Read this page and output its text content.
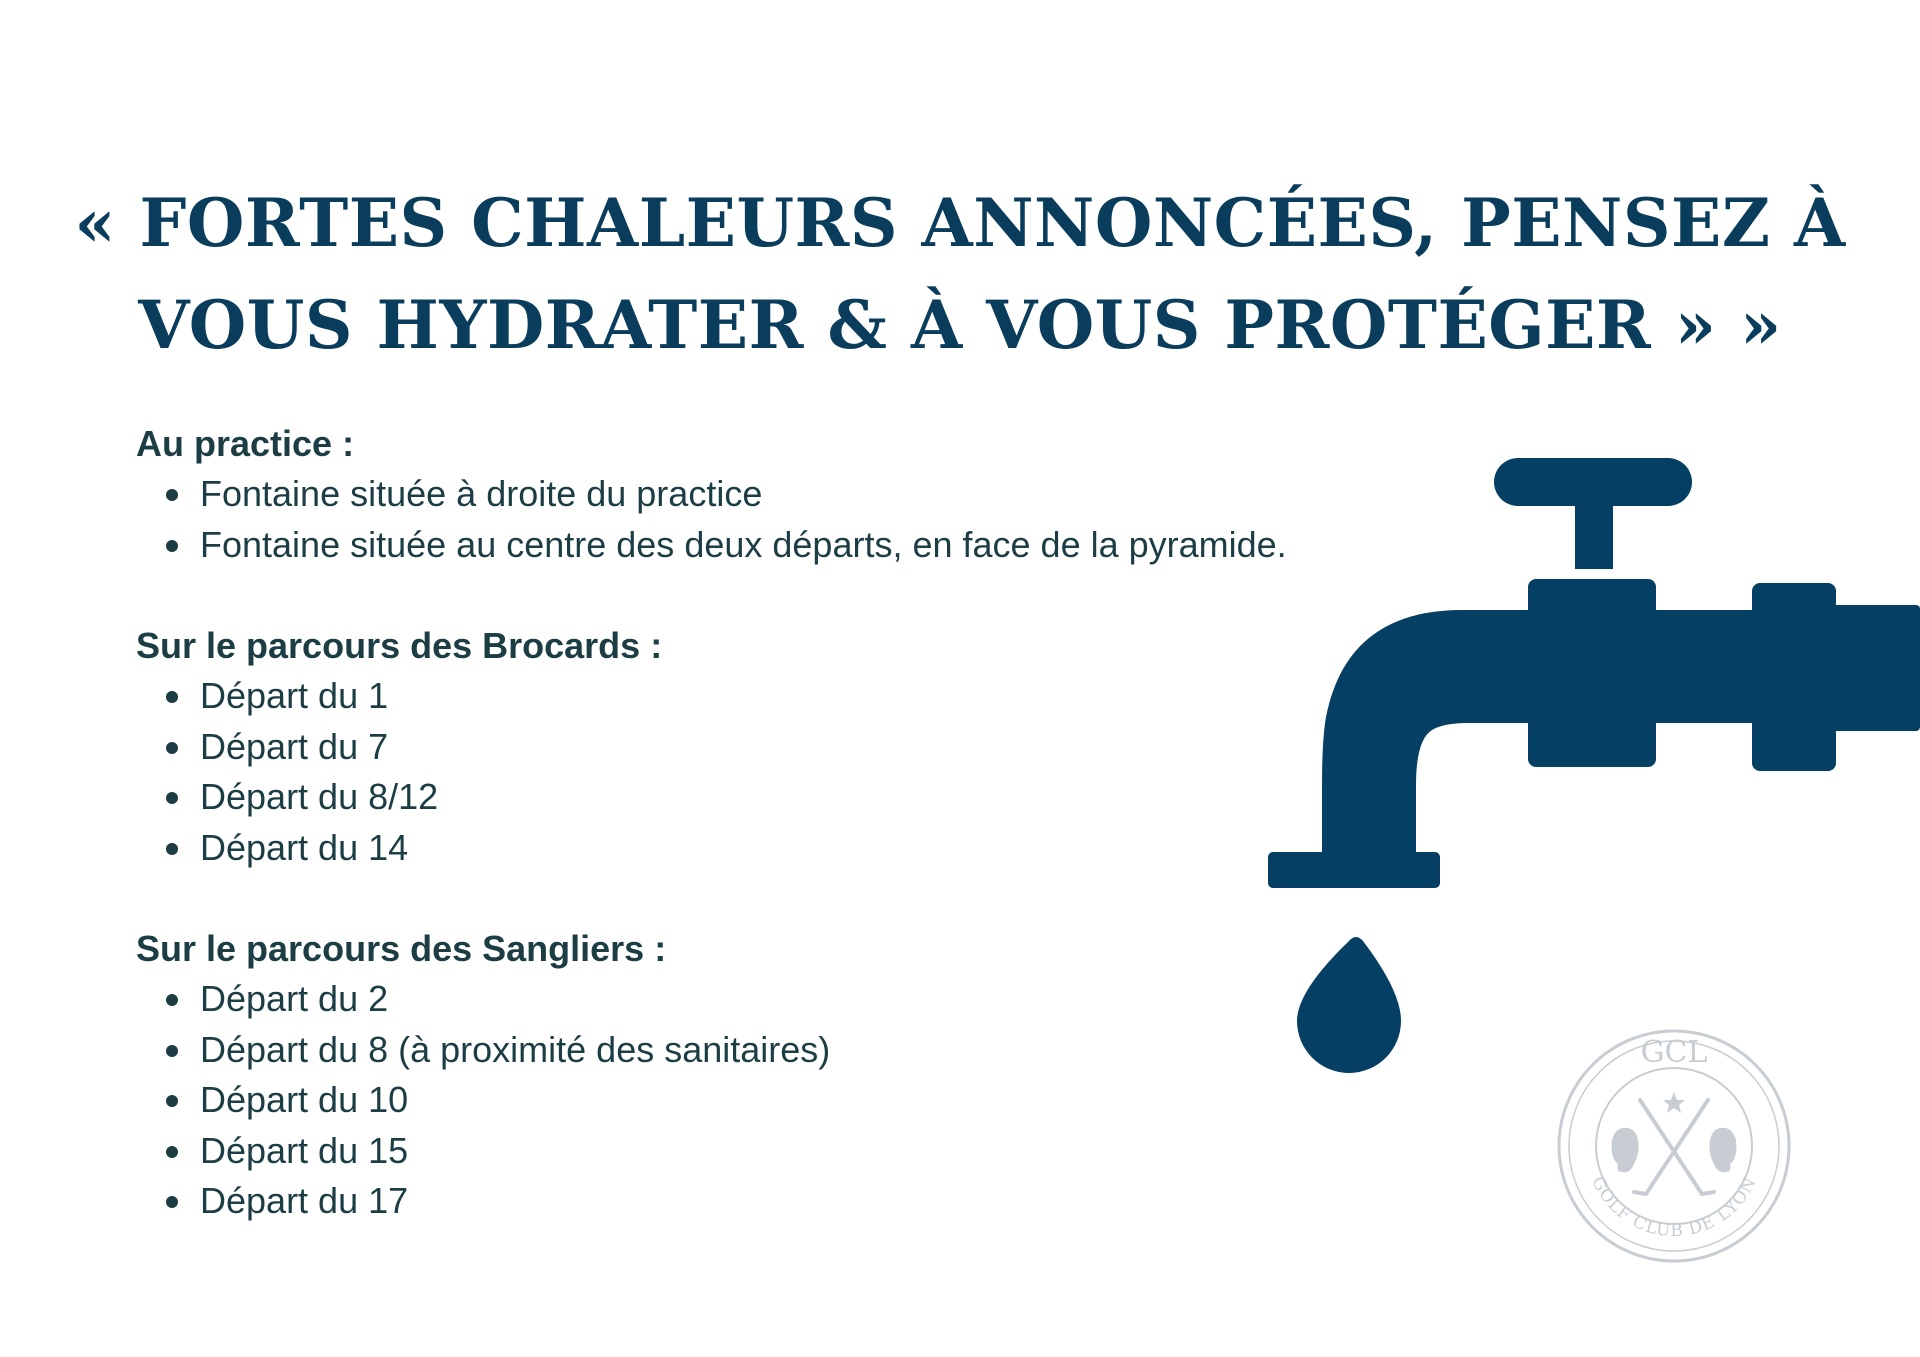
« FORTES CHALEURS ANNONCÉES, PENSEZ À
VOUS HYDRATER & À VOUS PROTÉGER » »

Au practice :

Fontaine située à droite du practice
Fontaine située au centre des deux départs, en face de la pyramide.

Sur le parcours des Brocards :

Départ du 1
Départ du 7
Départ du 8/12
Départ du 14

Sur le parcours des Sangliers :

Départ du 2
Départ du 8 (à proximité des sanitaires)
Départ du 10
Départ du 15
Départ du 17
GCL
GOLF CLUB DE LYON
